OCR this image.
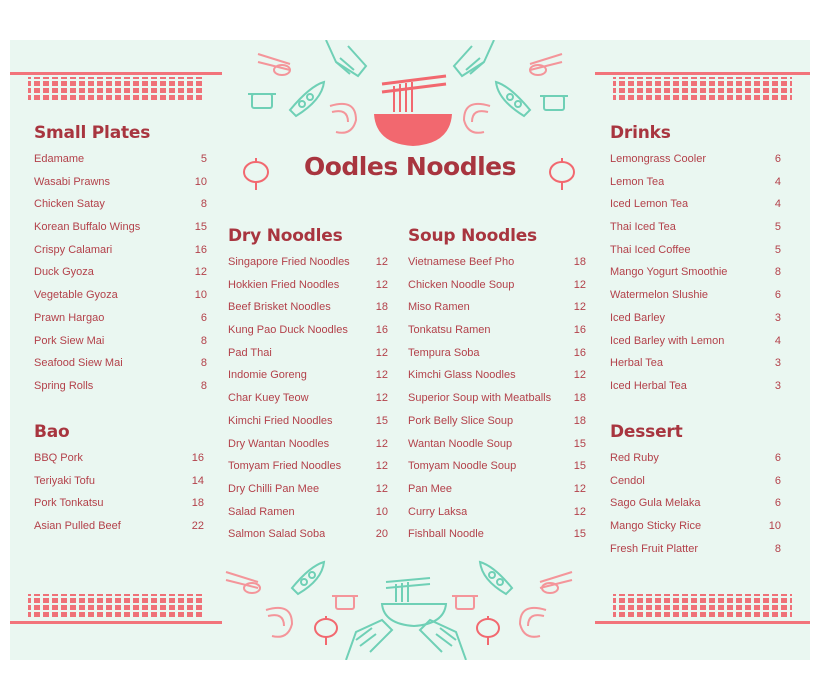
Oodles Noodles
Small Plates
Edamame	5
Wasabi Prawns	10
Chicken Satay	8
Korean Buffalo Wings	15
Crispy Calamari	16
Duck Gyoza	12
Vegetable Gyoza	10
Prawn Hargao	6
Pork Siew Mai	8
Seafood Siew Mai	8
Spring Rolls	8
Bao
BBQ Pork	16
Teriyaki Tofu	14
Pork Tonkatsu	18
Asian Pulled Beef	22
Dry Noodles
Singapore Fried Noodles	12
Hokkien Fried Noodles	12
Beef Brisket Noodles	18
Kung Pao Duck Noodles	16
Pad Thai	12
Indomie Goreng	12
Char Kuey Teow	12
Kimchi Fried Noodles	15
Dry Wantan Noodles	12
Tomyam Fried Noodles	12
Dry Chilli Pan Mee	12
Salad Ramen	10
Salmon Salad Soba	20
Soup Noodles
Vietnamese Beef Pho	18
Chicken Noodle Soup	12
Miso Ramen	12
Tonkatsu Ramen	16
Tempura Soba	16
Kimchi Glass Noodles	12
Superior Soup with Meatballs	18
Pork Belly Slice Soup	18
Wantan Noodle Soup	15
Tomyam Noodle Soup	15
Pan Mee	12
Curry Laksa	12
Fishball Noodle	15
Drinks
Lemongrass Cooler	6
Lemon Tea	4
Iced Lemon Tea	4
Thai Iced Tea	5
Thai Iced Coffee	5
Mango Yogurt Smoothie	8
Watermelon Slushie	6
Iced Barley	3
Iced Barley with Lemon	4
Herbal Tea	3
Iced Herbal Tea	3
Dessert
Red Ruby	6
Cendol	6
Sago Gula Melaka	6
Mango Sticky Rice	10
Fresh Fruit Platter	8
